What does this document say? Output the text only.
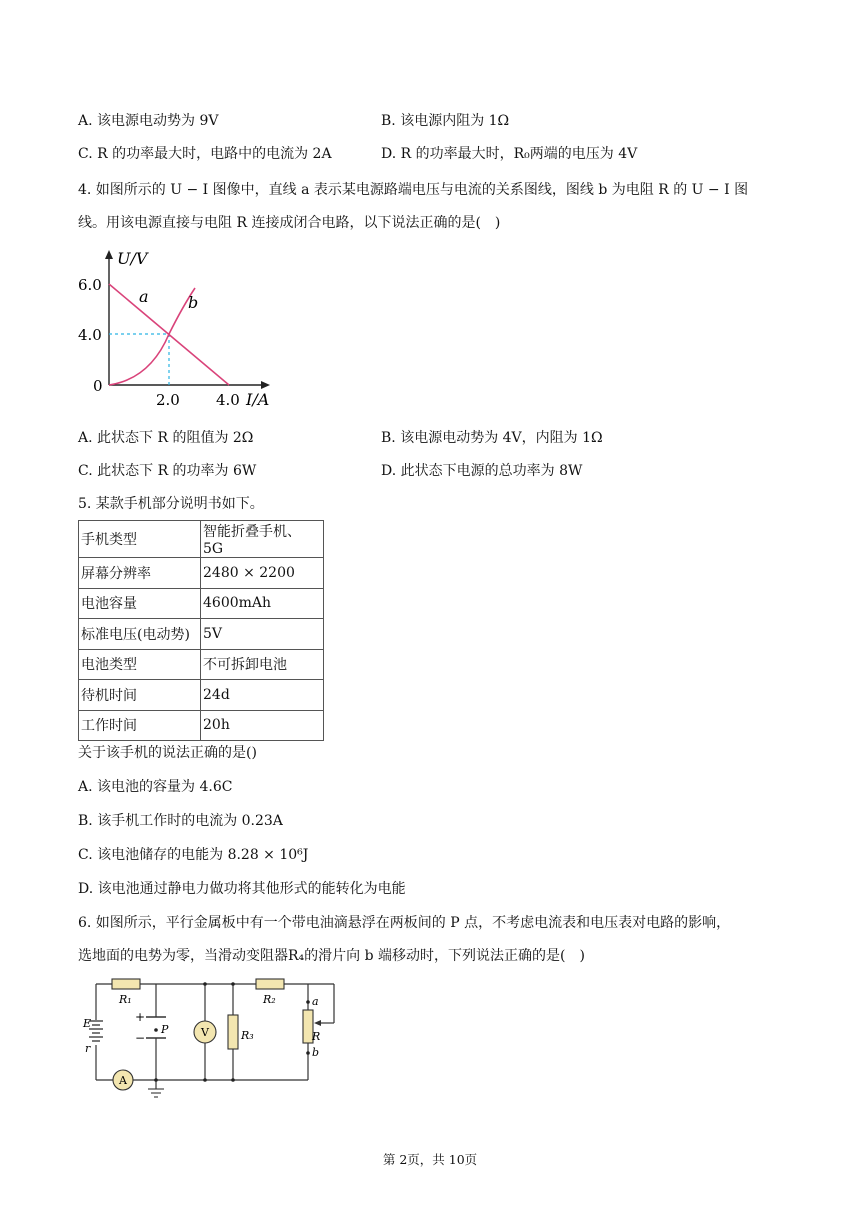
A. 该电源电动势为 9V	B. 该电源内阻为 1Ω
C. R 的功率最大时，电路中的电流为 2A	D. R 的功率最大时，R₀两端的电压为 4V
4. 如图所示的 U − I 图像中，直线 a 表示某电源路端电压与电流的关系图线，图线 b 为电阻 R 的 U − I 图
线。用该电源直接与电阻 R 连接成闭合电路，以下说法正确的是(　)
U/V
6.0
4.0
0
2.0 4.0 I/A
a b
A. 此状态下 R 的阻值为 2Ω	B. 该电源电动势为 4V，内阻为 1Ω
C. 此状态下 R 的功率为 6W	D. 此状态下电源的总功率为 8W
5. 某款手机部分说明书如下。
手机类型	智能折叠手机、5G
屏幕分辨率	2480 × 2200
电池容量	4600mAh
标准电压(电动势)	5V
电池类型	不可拆卸电池
待机时间	24d
工作时间	20h
关于该手机的说法正确的是()
A. 该电池的容量为 4.6C
B. 该手机工作时的电流为 0.23A
C. 该电池储存的电能为 8.28 × 10⁶J
D. 该电池通过静电力做功将其他形式的能转化为电能
6. 如图所示，平行金属板中有一个带电油滴悬浮在两板间的 P 点，不考虑电流表和电压表对电路的影响，
选地面的电势为零，当滑动变阻器R₄的滑片向 b 端移动时，下列说法正确的是(　)
R₁	R₂
R₃	R
a
b
E
r
P
+
−	V
A
第 2页，共 10页
